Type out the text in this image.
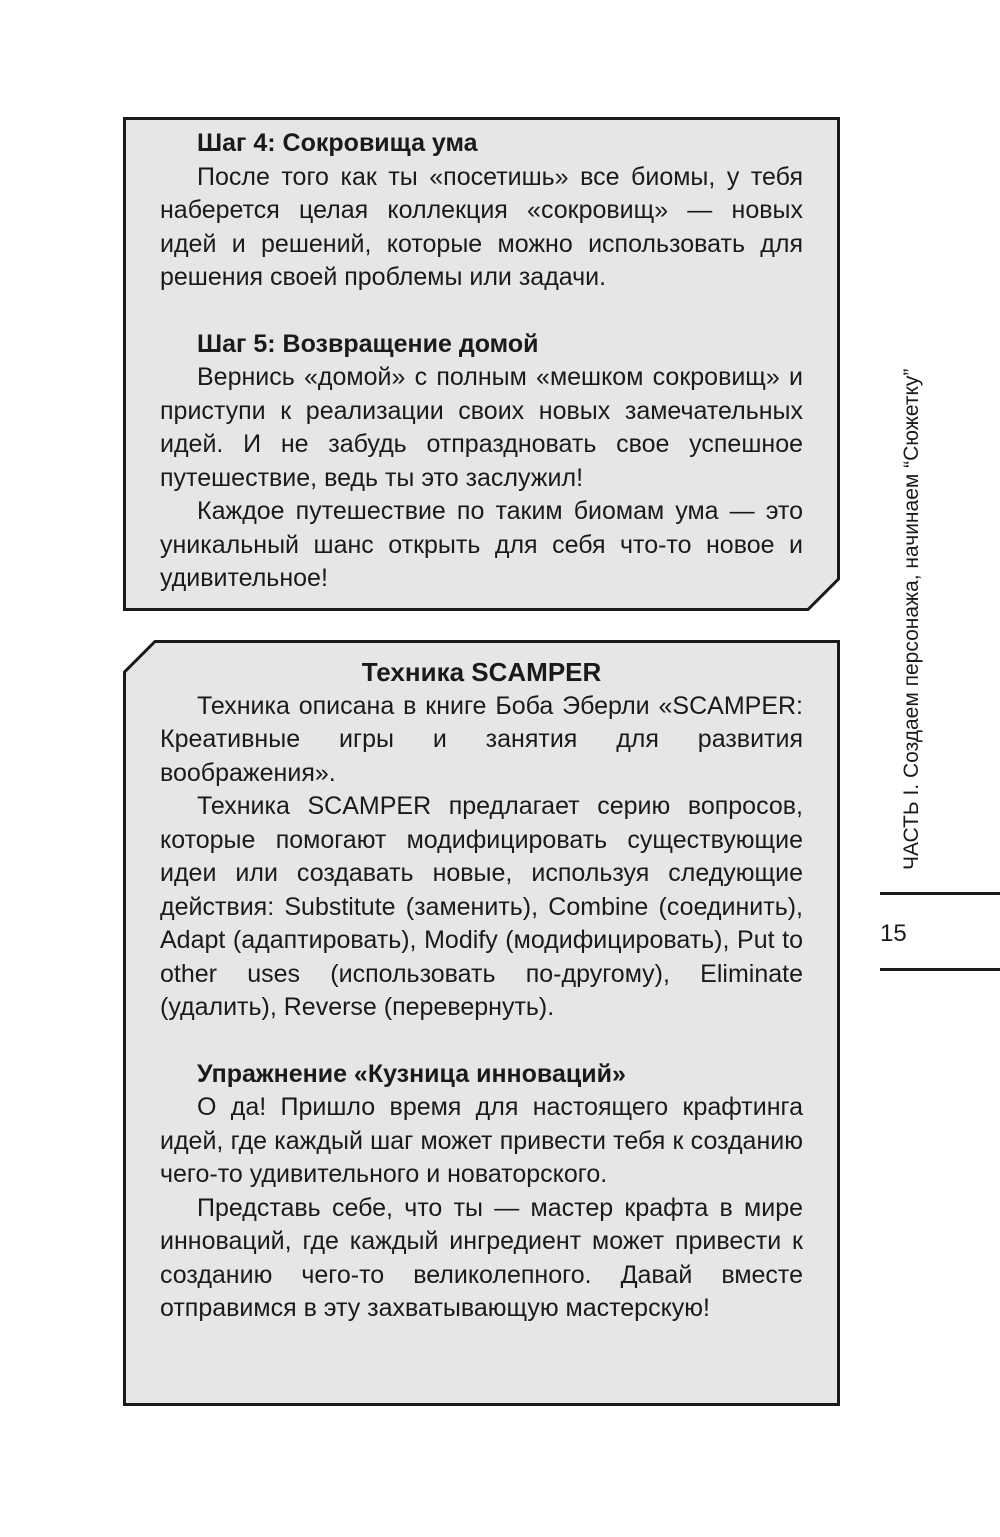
Шаг 4: Сокровища ума

После того как ты «посетишь» все биомы, у тебя наберется целая коллекция «сокровищ» — новых идей и решений, которые можно использовать для решения своей проблемы или задачи.

Шаг 5: Возвращение домой

Вернись «домой» с полным «мешком сокровищ» и приступи к реализации своих новых замечательных идей. И не забудь отпраздновать свое успешное путешествие, ведь ты это заслужил!

Каждое путешествие по таким биомам ума — это уникальный шанс открыть для себя что-то новое и удивительное!

Техника SCAMPER

Техника описана в книге Боба Эберли «SCAMPER: Креативные игры и занятия для развития воображения».

Техника SCAMPER предлагает серию вопросов, которые помогают модифицировать существующие идеи или создавать новые, используя следующие действия: Substitute (заменить), Combine (соединить), Adapt (адаптировать), Modify (модифицировать), Put to other uses (использовать по-другому), Eliminate (удалить), Reverse (перевернуть).

Упражнение «Кузница инноваций»

О да! Пришло время для настоящего крафтинга идей, где каждый шаг может привести тебя к созданию чего-то удивительного и новаторского.

Представь себе, что ты — мастер крафта в мире инноваций, где каждый ингредиент может привести к созданию чего-то великолепного. Давай вместе отправимся в эту захватывающую мастерскую!

ЧАСТЬ I. Создаем персонажа, начинаем “Сюжетку”
15
